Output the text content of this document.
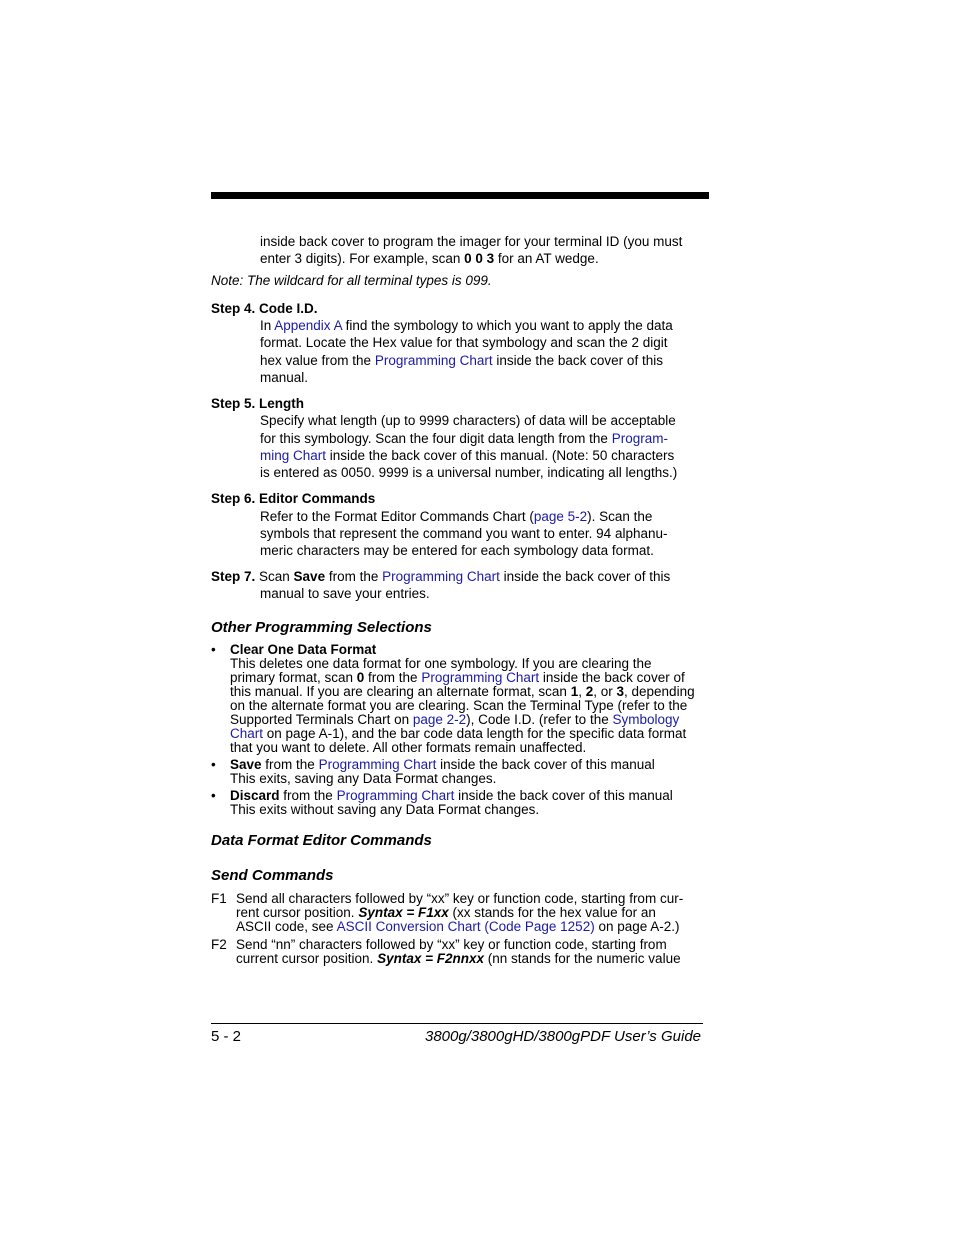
inside back cover to program the imager for your terminal ID (you must
enter 3 digits). For example, scan 0 0 3 for an AT wedge.
Note: The wildcard for all terminal types is 099.
Step 4. Code I.D.
In Appendix A find the symbology to which you want to apply the data
format. Locate the Hex value for that symbology and scan the 2 digit
hex value from the Programming Chart inside the back cover of this
manual.
Step 5. Length
Specify what length (up to 9999 characters) of data will be acceptable
for this symbology. Scan the four digit data length from the Program-
ming Chart inside the back cover of this manual. (Note: 50 characters
is entered as 0050. 9999 is a universal number, indicating all lengths.)
Step 6. Editor Commands
Refer to the Format Editor Commands Chart (page 5-2). Scan the
symbols that represent the command you want to enter. 94 alphanu-
meric characters may be entered for each symbology data format.
Step 7. Scan Save from the Programming Chart inside the back cover of this
manual to save your entries.
Other Programming Selections
• Clear One Data Format
This deletes one data format for one symbology. If you are clearing the
primary format, scan 0 from the Programming Chart inside the back cover of
this manual. If you are clearing an alternate format, scan 1, 2, or 3, depending
on the alternate format you are clearing. Scan the Terminal Type (refer to the
Supported Terminals Chart on page 2-2), Code I.D. (refer to the Symbology
Chart on page A-1), and the bar code data length for the specific data format
that you want to delete. All other formats remain unaffected.
• Save from the Programming Chart inside the back cover of this manual
This exits, saving any Data Format changes.
• Discard from the Programming Chart inside the back cover of this manual
This exits without saving any Data Format changes.
Data Format Editor Commands
Send Commands
F1 Send all characters followed by “xx” key or function code, starting from cur-
rent cursor position. Syntax = F1xx (xx stands for the hex value for an
ASCII code, see ASCII Conversion Chart (Code Page 1252) on page A-2.)
F2 Send “nn” characters followed by “xx” key or function code, starting from
current cursor position. Syntax = F2nnxx (nn stands for the numeric value
5 - 2	3800g/3800gHD/3800gPDF User’s Guide
